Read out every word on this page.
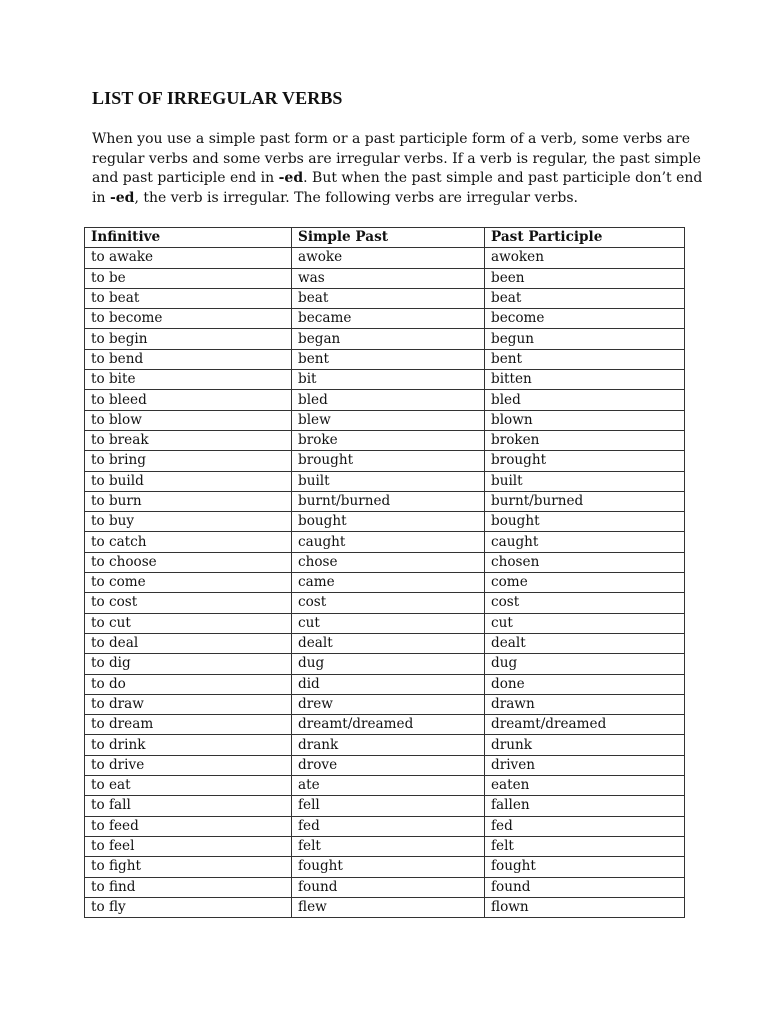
LIST OF IRREGULAR VERBS

When you use a simple past form or a past participle form of a verb, some verbs are
regular verbs and some verbs are irregular verbs. If a verb is regular, the past simple
and past participle end in -ed. But when the past simple and past participle don’t end
in -ed, the verb is irregular. The following verbs are irregular verbs.

Infinitive	Simple Past	Past Participle
to awake	awoke	awoken
to be	was	been
to beat	beat	beat
to become	became	become
to begin	began	begun
to bend	bent	bent
to bite	bit	bitten
to bleed	bled	bled
to blow	blew	blown
to break	broke	broken
to bring	brought	brought
to build	built	built
to burn	burnt/burned	burnt/burned
to buy	bought	bought
to catch	caught	caught
to choose	chose	chosen
to come	came	come
to cost	cost	cost
to cut	cut	cut
to deal	dealt	dealt
to dig	dug	dug
to do	did	done
to draw	drew	drawn
to dream	dreamt/dreamed	dreamt/dreamed
to drink	drank	drunk
to drive	drove	driven
to eat	ate	eaten
to fall	fell	fallen
to feed	fed	fed
to feel	felt	felt
to fight	fought	fought
to find	found	found
to fly	flew	flown
